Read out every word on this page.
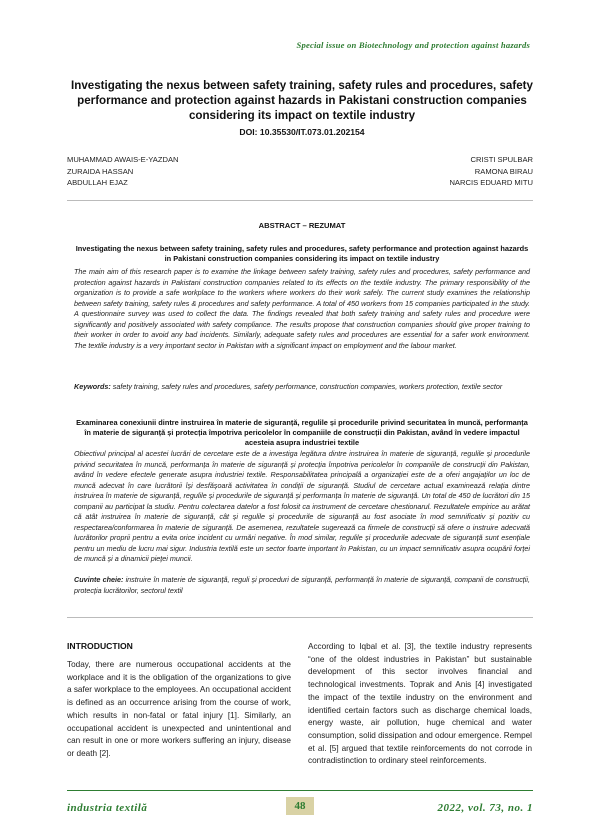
Special issue on Biotechnology and protection against hazards
Investigating the nexus between safety training, safety rules and procedures, safety performance and protection against hazards in Pakistani construction companies considering its impact on textile industry
DOI: 10.35530/IT.073.01.202154
MUHAMMAD AWAIS-E-YAZDAN
ZURAIDA HASSAN
ABDULLAH EJAZ
CRISTI SPULBAR
RAMONA BIRAU
NARCIS EDUARD MITU
ABSTRACT – REZUMAT
Investigating the nexus between safety training, safety rules and procedures, safety performance and protection against hazards in Pakistani construction companies considering its impact on textile industry
The main aim of this research paper is to examine the linkage between safety training, safety rules and procedures, safety performance and protection against hazards in Pakistani construction companies related to its effects on the textile industry. The primary responsibility of the organization is to provide a safe workplace to the workers where workers do their work safely. The current study examines the relationship between safety training, safety rules & procedures and safety performance. A total of 450 workers from 15 companies participated in the study. A questionnaire survey was used to collect the data. The findings revealed that both safety training and safety rules and procedure were significantly and positively associated with safety compliance. The results propose that construction companies should give proper training to their worker in order to avoid any bad incidents. Similarly, adequate safety rules and procedures are essential for a safer work environment. The textile industry is a very important sector in Pakistan with a significant impact on employment and the labour market.
Keywords: safety training, safety rules and procedures, safety performance, construction companies, workers protection, textile sector
Examinarea conexiunii dintre instruirea în materie de siguranță, regulile și procedurile privind securitatea în muncă, performanța în materie de siguranță și protecția împotriva pericolelor în companiile de construcții din Pakistan, având în vedere impactul acesteia asupra industriei textile
Obiectivul principal al acestei lucrări de cercetare este de a investiga legătura dintre instruirea în materie de siguranță, regulile și procedurile privind securitatea în muncă, performanța în materie de siguranță și protecția împotriva pericolelor în companiile de construcții din Pakistan, având în vedere efectele generate asupra industriei textile. Responsabilitatea principală a organizației este de a oferi angajaților un loc de muncă adecvat în care lucrătorii își desfășoară activitatea în condiții de siguranță. Studiul de cercetare actual examinează relația dintre instruirea în materie de siguranță, regulile și procedurile de siguranță și performanța în materie de siguranță. Un total de 450 de lucrători din 15 companii au participat la studiu. Pentru colectarea datelor a fost folosit ca instrument de cercetare chestionarul. Rezultatele empirice au arătat că atât instruirea în materie de siguranță, cât și regulile și procedurile de siguranță au fost asociate în mod semnificativ și pozitiv cu respectarea/conformarea în materie de siguranță. De asemenea, rezultatele sugerează ca firmele de construcții să ofere o instruire adecvată lucrătorilor proprii pentru a evita orice incident cu urmări negative. În mod similar, regulile și procedurile adecvate de siguranță sunt esențiale pentru un mediu de lucru mai sigur. Industria textilă este un sector foarte important în Pakistan, cu un impact semnificativ asupra ocupării forței de muncă și a dinamicii pieței muncii.
Cuvinte cheie: instruire în materie de siguranță, reguli și proceduri de siguranță, performanță în materie de siguranță, companii de construcții, protecția lucrătorilor, sectorul textil
INTRODUCTION
Today, there are numerous occupational accidents at the workplace and it is the obligation of the organizations to give a safer workplace to the employees. An occupational accident is defined as an occurrence arising from the course of work, which results in non-fatal or fatal injury [1]. Similarly, an occupational accident is unexpected and unintentional and can result in one or more workers suffering an injury, disease or death [2].
According to Iqbal et al. [3], the textile industry represents “one of the oldest industries in Pakistan” but sustainable development of this sector involves financial and technological investments. Toprak and Anis [4] investigated the impact of the textile industry on the environment and identified certain factors such as discharge chemical loads, energy waste, air pollution, huge chemical and water consumption, solid dissipation and odour emergence. Rempel et al. [5] argued that textile reinforcements do not corrode in contradistinction to ordinary steel reinforcements.
industria textilă	48	2022, vol. 73, no. 1
